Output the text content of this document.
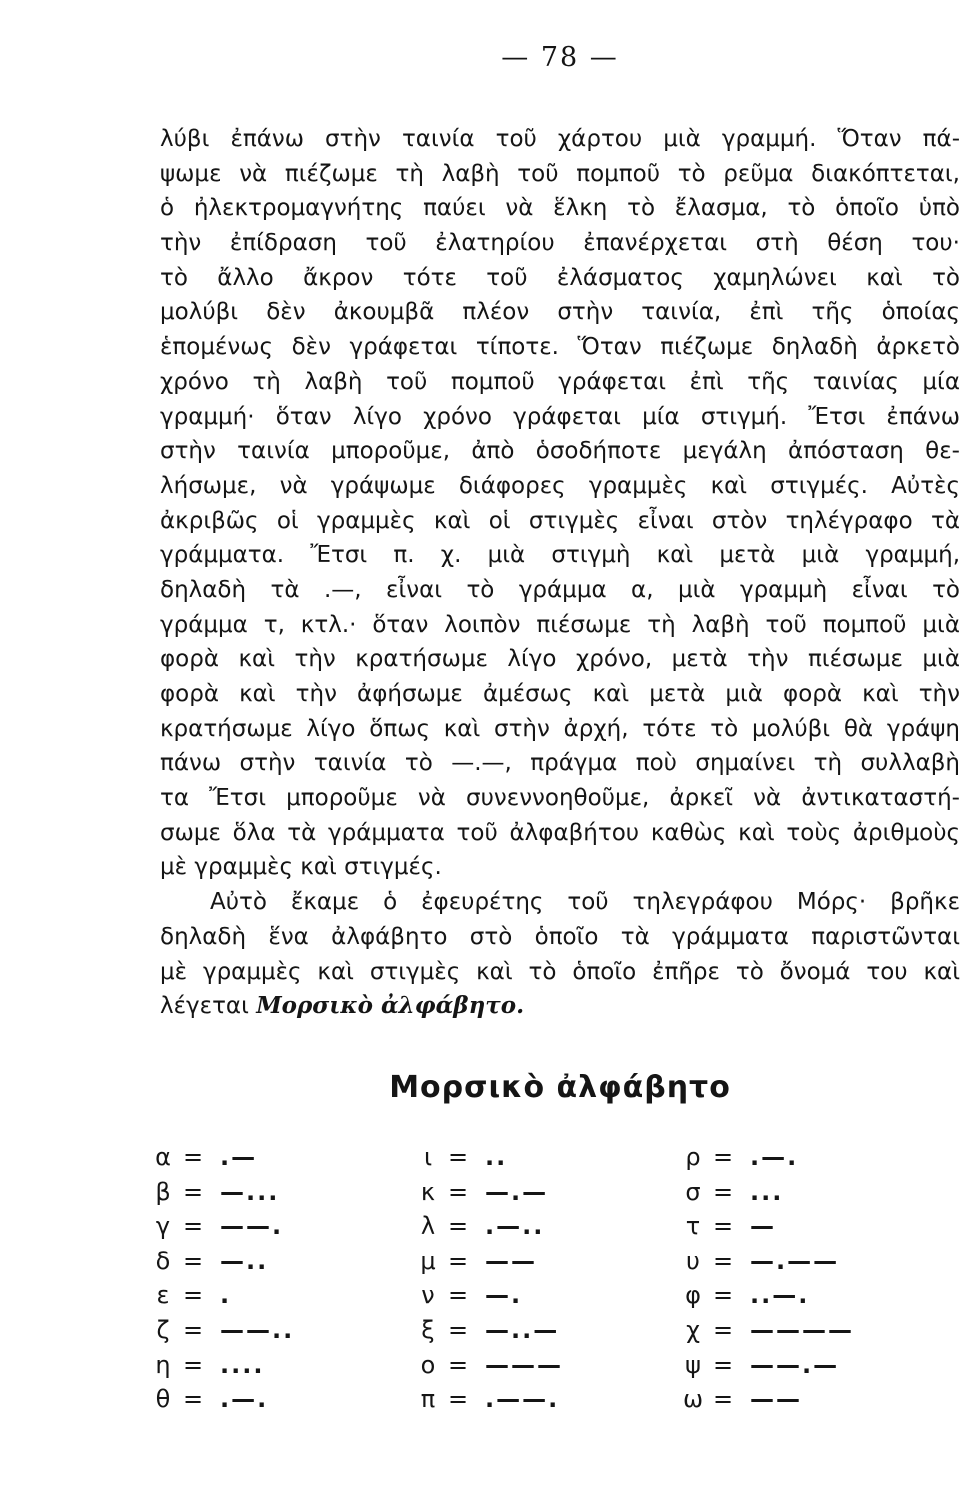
— 78 —
λύβι ἐπάνω στὴν ταινία τοῦ χάρτου μιὰ γραμμή. Ὅταν πά-
ψωμε νὰ πιέζωμε τὴ λαβὴ τοῦ πομποῦ τὸ ρεῦμα διακόπτεται,
ὁ ἠλεκτρομαγνήτης παύει νὰ ἕλκη τὸ ἔλασμα, τὸ ὁποῖο ὑπὸ
τὴν ἐπίδραση τοῦ ἐλατηρίου ἐπανέρχεται στὴ θέση του·
τὸ ἄλλο ἄκρον τότε τοῦ ἐλάσματος χαμηλώνει καὶ τὸ
μολύβι δὲν ἀκουμβᾶ πλέον στὴν ταινία, ἐπὶ τῆς ὁποίας
ἑπομένως δὲν γράφεται τίποτε. Ὅταν πιέζωμε δηλαδὴ ἀρκετὸ
χρόνο τὴ λαβὴ τοῦ πομποῦ γράφεται ἐπὶ τῆς ταινίας μία
γραμμή· ὅταν λίγο χρόνο γράφεται μία στιγμή. Ἔτσι ἐπάνω
στὴν ταινία μποροῦμε, ἀπὸ ὁσοδήποτε μεγάλη ἀπόσταση θε-
λήσωμε, νὰ γράψωμε διάφορες γραμμὲς καὶ στιγμές. Αὐτὲς
ἀκριβῶς οἱ γραμμὲς καὶ οἱ στιγμὲς εἶναι στὸν τηλέγραφο τὰ
γράμματα. Ἔτσι π. χ. μιὰ στιγμὴ καὶ μετὰ μιὰ γραμμή,
δηλαδὴ τὰ .—, εἶναι τὸ γράμμα α, μιὰ γραμμὴ εἶναι τὸ
γράμμα τ, κτλ.· ὅταν λοιπὸν πιέσωμε τὴ λαβὴ τοῦ πομποῦ μιὰ
φορὰ καὶ τὴν κρατήσωμε λίγο χρόνο, μετὰ τὴν πιέσωμε μιὰ
φορὰ καὶ τὴν ἀφήσωμε ἀμέσως καὶ μετὰ μιὰ φορὰ καὶ τὴν
κρατήσωμε λίγο ὅπως καὶ στὴν ἀρχή, τότε τὸ μολύβι θὰ γράψη
πάνω στὴν ταινία τὸ —.—, πράγμα ποὺ σημαίνει τὴ συλλαβὴ
τα Ἔτσι μποροῦμε νὰ συνεννοηθοῦμε, ἀρκεῖ νὰ ἀντικαταστή-
σωμε ὅλα τὰ γράμματα τοῦ ἀλφαβήτου καθὼς καὶ τοὺς ἀριθμοὺς
μὲ γραμμὲς καὶ στιγμές.
Αὐτὸ ἔκαμε ὁ ἐφευρέτης τοῦ τηλεγράφου Μόρς· βρῆκε
δηλαδὴ ἕνα ἀλφάβητο στὸ ὁποῖο τὰ γράμματα παριστῶνται
μὲ γραμμὲς καὶ στιγμὲς καὶ τὸ ὁποῖο ἐπῆρε τὸ ὄνομά του καὶ
λέγεται Μορσικὸ ἀλφάβητο.
Μορσικὸ ἀλφάβητο
α = .—
β = —...
γ = ——.
δ = —..
ε = .
ζ = ——..
η = ....
θ = .—.
ι = ..
κ = —.—
λ = .—..
μ = ——
ν = —.
ξ = —..—
ο = ———
π = .——.
ρ = .—.
σ = ...
τ = —
υ = —.——
φ = ..—.
χ = ————
ψ = ——.—
ω = ——
